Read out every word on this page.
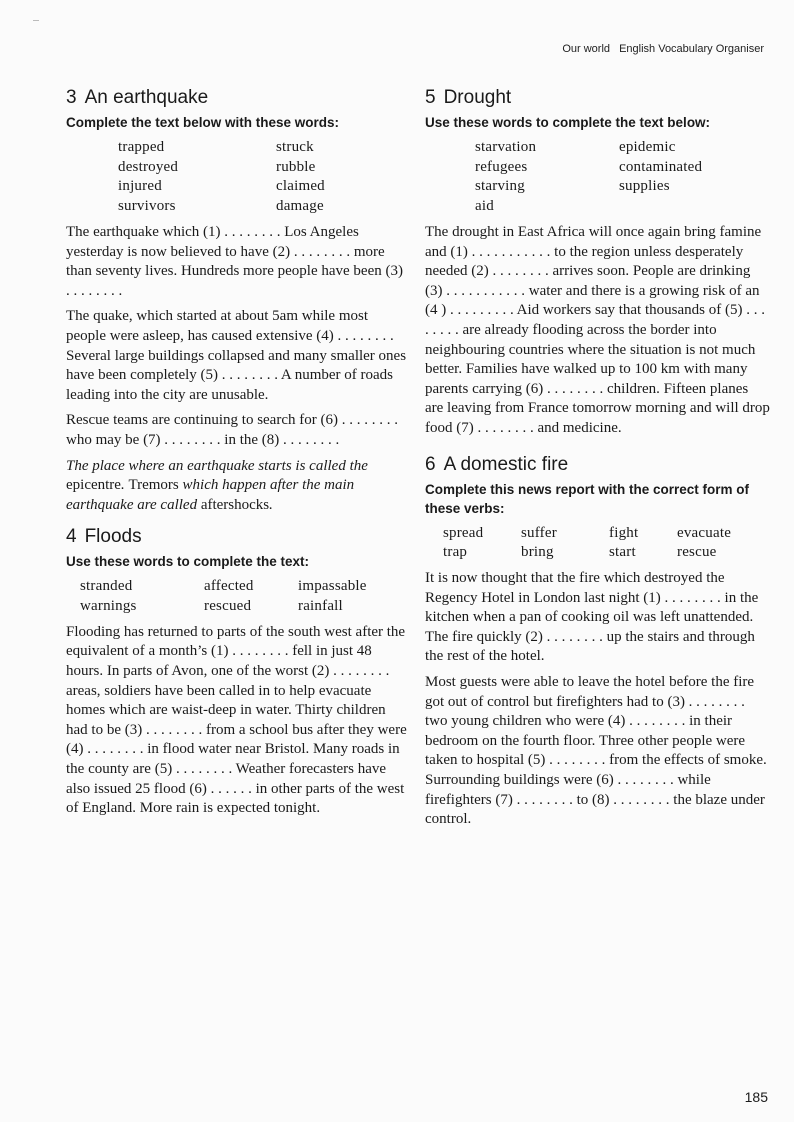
Our world English Vocabulary Organiser
3 An earthquake

Complete the text below with these words:

trapped	struck
destroyed	rubble
injured	claimed
survivors	damage

The earthquake which (1) . . . . . . . . Los Angeles yesterday is now believed to have (2) . . . . . . . . more than seventy lives. Hundreds more people have been (3) . . . . . . . .

The quake, which started at about 5am while most people were asleep, has caused extensive (4) . . . . . . . . Several large buildings collapsed and many smaller ones have been completely (5) . . . . . . . . A number of roads leading into the city are unusable.

Rescue teams are continuing to search for (6) . . . . . . . . who may be (7) . . . . . . . . in the (8) . . . . . . . .

The place where an earthquake starts is called the epicentre. Tremors which happen after the main earthquake are called aftershocks.

4 Floods

Use these words to complete the text:

stranded	affected	impassable
warnings	rescued	rainfall

Flooding has returned to parts of the south west after the equivalent of a month’s (1) . . . . . . . . fell in just 48 hours. In parts of Avon, one of the worst (2) . . . . . . . . areas, soldiers have been called in to help evacuate homes which are waist-deep in water. Thirty children had to be (3) . . . . . . . . from a school bus after they were (4) . . . . . . . . in flood water near Bristol. Many roads in the county are (5) . . . . . . . . Weather forecasters have also issued 25 flood (6) . . . . . . in other parts of the west of England. More rain is expected tonight.

5 Drought

Use these words to complete the text below:

starvation	epidemic
refugees	contaminated
starving	supplies
aid

The drought in East Africa will once again bring famine and (1) . . . . . . . . . . . to the region unless desperately needed (2) . . . . . . . . arrives soon. People are drinking (3) . . . . . . . . . . . water and there is a growing risk of an (4 ) . . . . . . . . . Aid workers say that thousands of (5) . . . . . . . . are already flooding across the border into neighbouring countries where the situation is not much better. Families have walked up to 100 km with many parents carrying (6) . . . . . . . . children. Fifteen planes are leaving from France tomorrow morning and will drop food (7) . . . . . . . . and medicine.

6 A domestic fire

Complete this news report with the correct form of these verbs:

spread	suffer	fight	evacuate
trap	bring	start	rescue

It is now thought that the fire which destroyed the Regency Hotel in London last night (1) . . . . . . . . in the kitchen when a pan of cooking oil was left unattended. The fire quickly (2) . . . . . . . . up the stairs and through the rest of the hotel.

Most guests were able to leave the hotel before the fire got out of control but firefighters had to (3) . . . . . . . . two young children who were (4) . . . . . . . . in their bedroom on the fourth floor. Three other people were taken to hospital (5) . . . . . . . . from the effects of smoke. Surrounding buildings were (6) . . . . . . . . while firefighters (7) . . . . . . . . to (8) . . . . . . . . the blaze under control.

185
